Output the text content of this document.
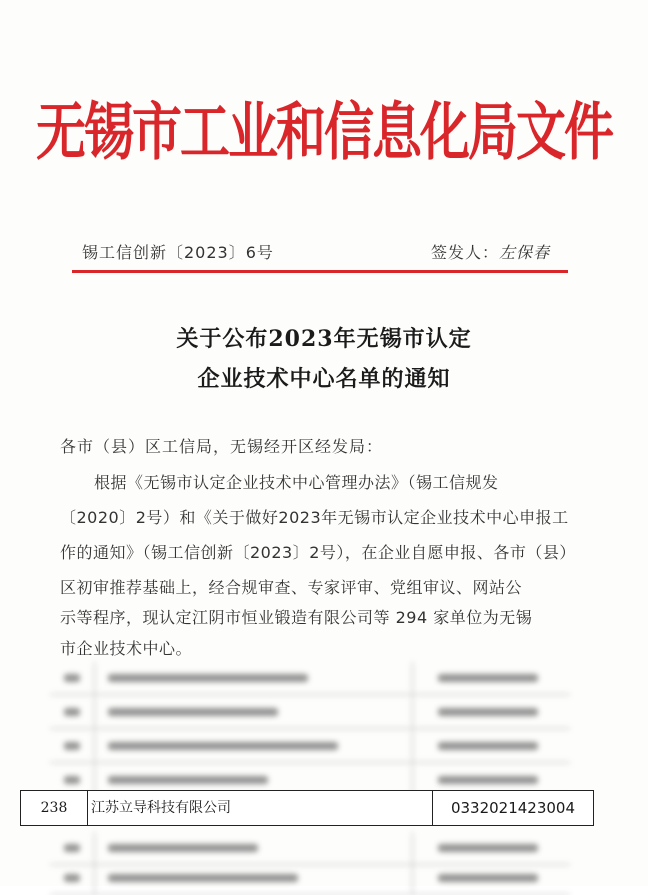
无锡市工业和信息化局文件
锡工信创新〔2023〕6号	签发人：左保春
关于公布2023年无锡市认定
企业技术中心名单的通知
各市（县）区工信局，无锡经开区经发局：
根据《无锡市认定企业技术中心管理办法》（锡工信规发
〔2020〕2号）和《关于做好2023年无锡市认定企业技术中心申报工
作的通知》（锡工信创新〔2023〕2号），在企业自愿申报、各市（县）
区初审推荐基础上，经合规审查、专家评审、党组审议、网站公
示等程序，现认定江阴市恒业锻造有限公司等 294 家单位为无锡
市企业技术中心。
238	江苏立导科技有限公司	0332021423004
